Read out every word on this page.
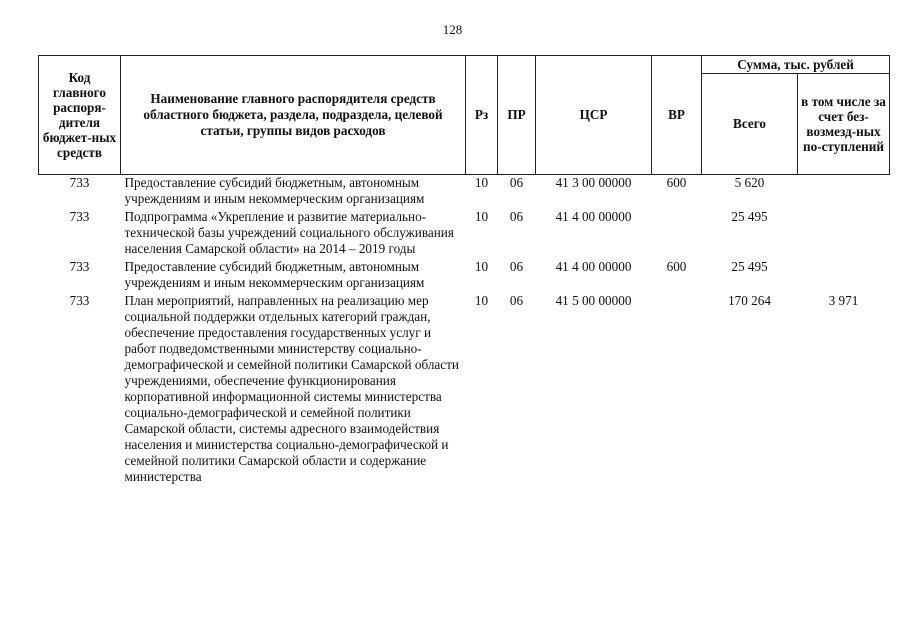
128
Код главного распоря-дителя бюджет-ных средств	Наименование главного распорядителя средств областного бюджета, раздела, подраздела, целевой статьи, группы видов расходов	Рз	ПР	ЦСР	ВР	Сумма, тыс. рублей	
						Всего	в том числе за счет без-возмезд-ных по-ступлений
733	Предоставление субсидий бюджетным, автономным учреждениям и иным некоммерческим организациям	10	06	41 3 00 00000	600	5 620	
733	Подпрограмма «Укрепление и развитие материально-технической базы учреждений социального обслуживания населения Самарской области» на 2014 – 2019 годы	10	06	41 4 00 00000		25 495	
733	Предоставление субсидий бюджетным, автономным учреждениям и иным некоммерческим организациям	10	06	41 4 00 00000	600	25 495	
733	План мероприятий, направленных на реализацию мер социальной поддержки отдельных категорий граждан, обеспечение предоставления государственных услуг и работ подведомственными министерству социально-демографической и семейной политики Самарской области учреждениями, обеспечение функционирования корпоративной информационной системы министерства социально-демографической и семейной политики Самарской области, системы адресного взаимодействия населения и министерства социально-демографической и семейной политики Самарской области и содержание министерства	10	06	41 5 00 00000		170 264	3 971
